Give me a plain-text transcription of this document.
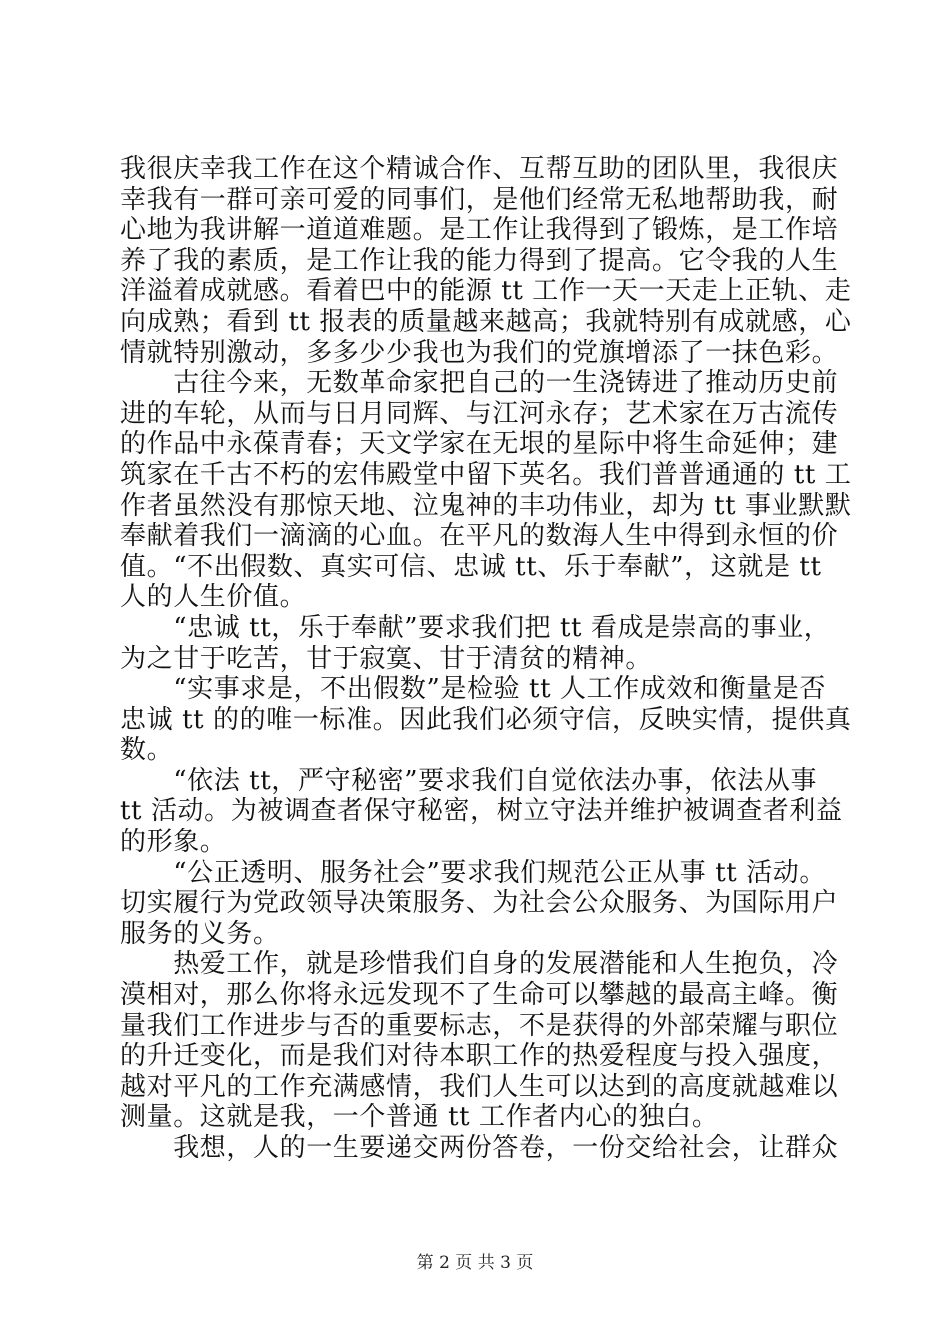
我很庆幸我工作在这个精诚合作、互帮互助的团队里，我很庆
幸我有一群可亲可爱的同事们，是他们经常无私地帮助我，耐
心地为我讲解一道道难题。是工作让我得到了锻炼，是工作培
养了我的素质，是工作让我的能力得到了提高。它令我的人生
洋溢着成就感。看着巴中的能源 tt 工作一天一天走上正轨、走
向成熟；看到 tt 报表的质量越来越高；我就特别有成就感，心
情就特别激动，多多少少我也为我们的党旗增添了一抹色彩。
　　古往今来，无数革命家把自己的一生浇铸进了推动历史前
进的车轮，从而与日月同辉、与江河永存；艺术家在万古流传
的作品中永葆青春；天文学家在无垠的星际中将生命延伸；建
筑家在千古不朽的宏伟殿堂中留下英名。我们普普通通的 tt 工
作者虽然没有那惊天地、泣鬼神的丰功伟业，却为 tt 事业默默
奉献着我们一滴滴的心血。在平凡的数海人生中得到永恒的价
值。“不出假数、真实可信、忠诚 tt、乐于奉献”，这就是 tt
人的人生价值。
　　“忠诚 tt，乐于奉献”要求我们把 tt 看成是崇高的事业，
为之甘于吃苦，甘于寂寞、甘于清贫的精神。
　　“实事求是，不出假数”是检验 tt 人工作成效和衡量是否
忠诚 tt 的的唯一标准。因此我们必须守信，反映实情，提供真
数。
　　“依法 tt，严守秘密”要求我们自觉依法办事，依法从事
tt 活动。为被调查者保守秘密，树立守法并维护被调查者利益
的形象。
　　“公正透明、服务社会”要求我们规范公正从事 tt 活动。
切实履行为党政领导决策服务、为社会公众服务、为国际用户
服务的义务。
　　热爱工作，就是珍惜我们自身的发展潜能和人生抱负，冷
漠相对，那么你将永远发现不了生命可以攀越的最高主峰。衡
量我们工作进步与否的重要标志，不是获得的外部荣耀与职位
的升迁变化，而是我们对待本职工作的热爱程度与投入强度，
越对平凡的工作充满感情，我们人生可以达到的高度就越难以
测量。这就是我，一个普通 tt 工作者内心的独白。
　　我想，人的一生要递交两份答卷，一份交给社会，让群众
第 2 页 共 3 页
